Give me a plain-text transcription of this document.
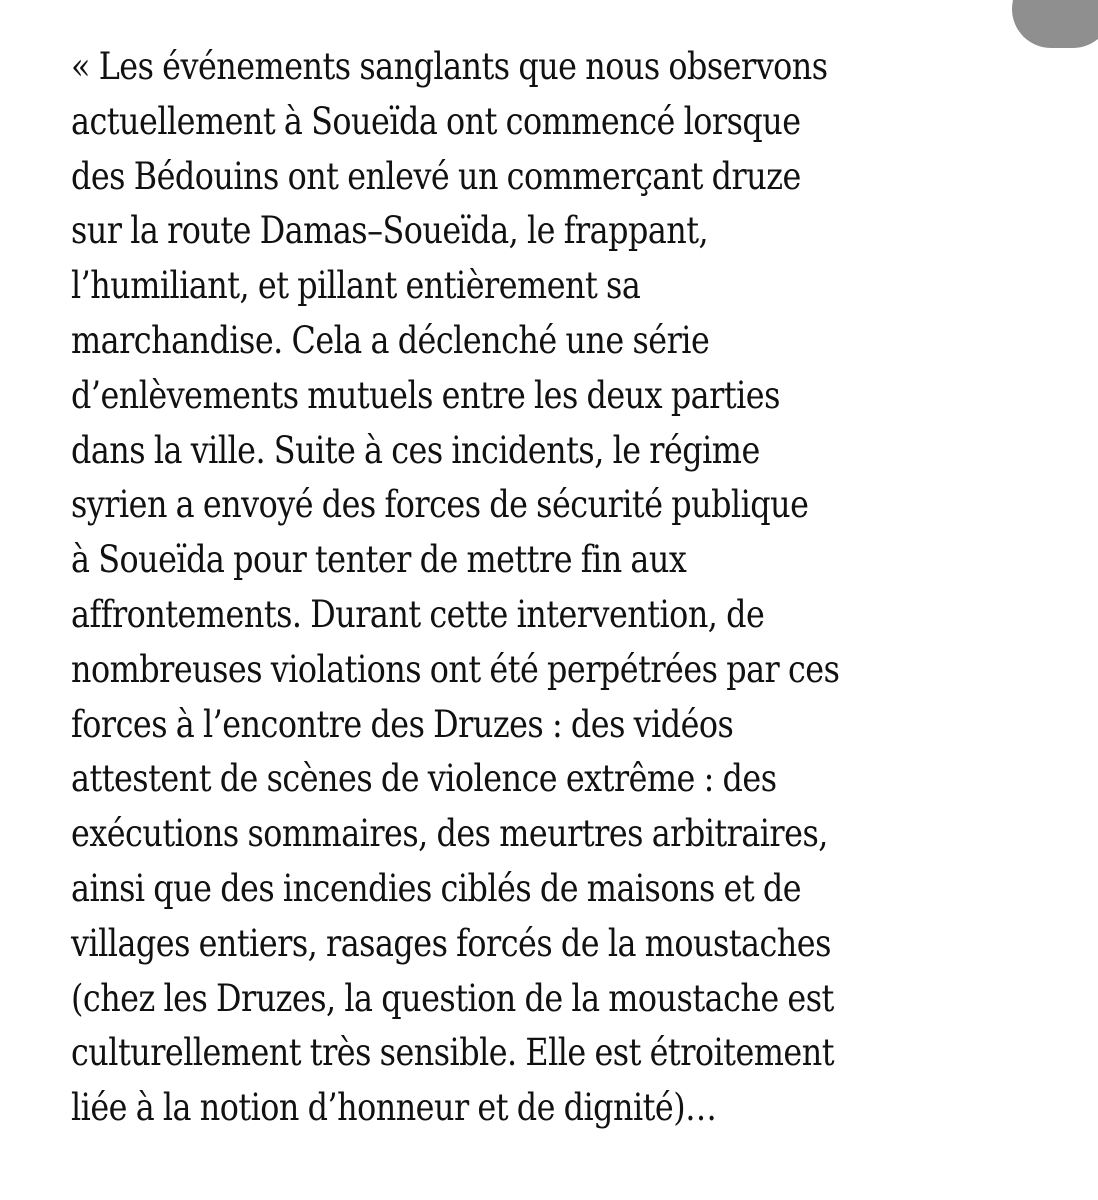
« Les événements sanglants que nous observons
actuellement à Soueïda ont commencé lorsque
des Bédouins ont enlevé un commerçant druze
sur la route Damas–Soueïda, le frappant,
l’humiliant, et pillant entièrement sa
marchandise. Cela a déclenché une série
d’enlèvements mutuels entre les deux parties
dans la ville. Suite à ces incidents, le régime
syrien a envoyé des forces de sécurité publique
à Soueïda pour tenter de mettre fin aux
affrontements. Durant cette intervention, de
nombreuses violations ont été perpétrées par ces
forces à l’encontre des Druzes : des vidéos
attestent de scènes de violence extrême : des
exécutions sommaires, des meurtres arbitraires,
ainsi que des incendies ciblés de maisons et de
villages entiers, rasages forcés de la moustaches
(chez les Druzes, la question de la moustache est
culturellement très sensible. Elle est étroitement
liée à la notion d’honneur et de dignité)…
